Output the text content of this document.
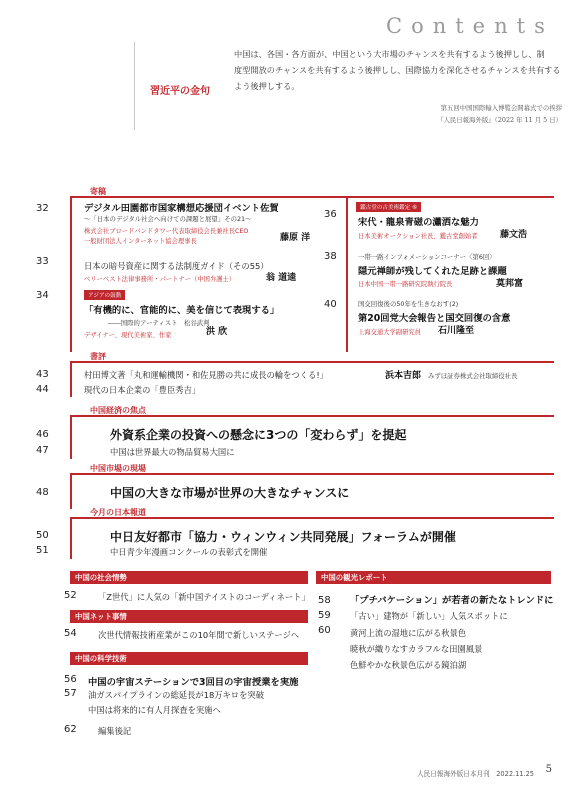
Contents
習近平の金句
中国は、各国・各方面が、中国という大市場のチャンスを共有するよう後押しし、制
度型開放のチャンスを共有するよう後押しし、国際協力を深化させるチャンスを共有する
よう後押しする。
第五回中国国際輸入博覧会開幕式での挨拶
『人民日報海外版』（2022 年 11 月 5 日）
寄稿
32	デジタル田園都市国家構想応援団イベント佐賀
～「日本のデジタル社会へ向けての課題と展望」その21～
株式会社ブロードバンドタワー代表取締役会長兼社長CEO
一般財団法人インターネット協会理事長	藤原 洋
33	日本の暗号資産に関する法制度ガイド（その55）
ベリーベスト法律事務所・パートナー（中国弁護士）	翁 道逵
34	アジアの鼓動
「有機的に、官能的に、美を信じて表現する」
――国際的アーティスト　松谷武判
デザイナー、現代美術家、作家	洪 欣
36
鑑古堂の古美術鑑定 ⑥
宋代・龍泉青磁の瀟洒な魅力
日本美術オークション社長、鑑古堂創始者 藤文浩
38	一帯一路インフォメーションコーナー〈第6回〉
隠元禅師が残してくれた足跡と課題
日本中国一帯一路研究院執行院長	莫邦富
40	国交回復後の50年を生きなおす(2)
第20回党大会報告と国交回復の含意
上海交通大学副研究員 石川隆至
書評
43	村田博文著「丸和運輸機関・和佐見勝の共に成長の輪をつくる!」	浜本吉郎 みずほ証券株式会社取締役社長
44	現代の日本企業の「豊臣秀吉」
中国経済の焦点
46	外資系企業の投資への懸念に3つの「変わらず」を提起
47	中国は世界最大の物品貿易大国に
中国市場の現場
48	中国の大きな市場が世界の大きなチャンスに
今月の日本報道
50	中日友好都市「協力・ウィンウィン共同発展」フォーラムが開催
51	中日青少年漫画コンクールの表彰式を開催
中国の社会情勢
52	「Z世代」に人気の「新中国テイストのコーディネート」
中国ネット事情
54	次世代情報技術産業がこの10年間で新しいステージへ
中国の科学技術
56 中国の宇宙ステーションで3回目の宇宙授業を実施
57 油ガスパイプラインの総延長が18万キロを突破
中国は将来的に有人月探査を実施へ
62	編集後記
中国の観光レポート
58 「プチバケーション」が若者の新たなトレンドに
59 「古い」建物が「新しい」人気スポットに
60 黄河上流の湿地に広がる秋景色
暁秋が織りなすカラフルな田園風景
色鮮やかな秋景色広がる鏡泊湖
人民日報海外版日本月刊　2022.11.25 5
